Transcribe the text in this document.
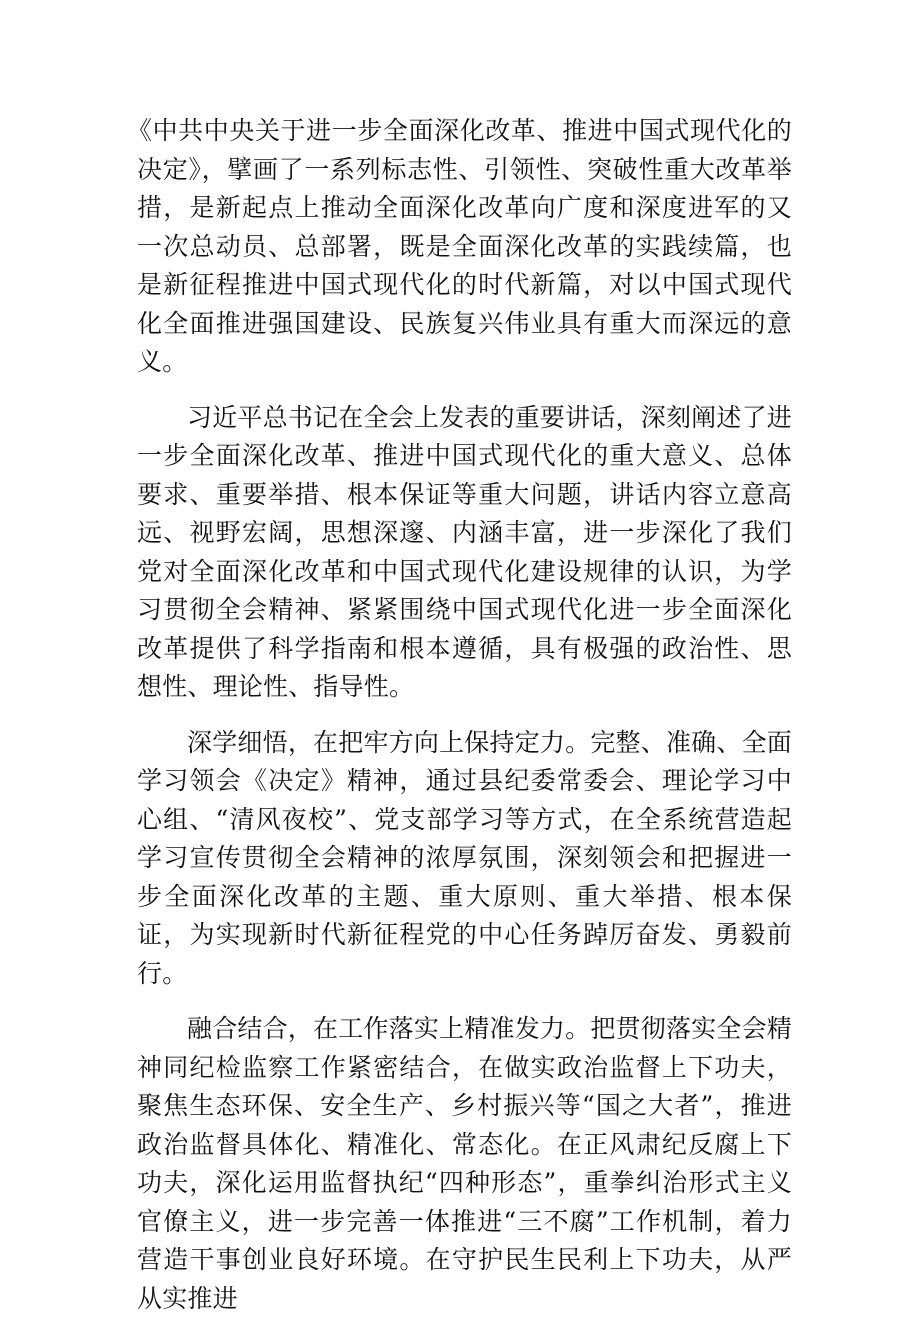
《中共中央关于进一步全面深化改革、推进中国式现代化的决定》，擘画了一系列标志性、引领性、突破性重大改革举措，是新起点上推动全面深化改革向广度和深度进军的又一次总动员、总部署，既是全面深化改革的实践续篇，也是新征程推进中国式现代化的时代新篇，对以中国式现代化全面推进强国建设、民族复兴伟业具有重大而深远的意义。

习近平总书记在全会上发表的重要讲话，深刻阐述了进一步全面深化改革、推进中国式现代化的重大意义、总体要求、重要举措、根本保证等重大问题，讲话内容立意高远、视野宏阔，思想深邃、内涵丰富，进一步深化了我们党对全面深化改革和中国式现代化建设规律的认识，为学习贯彻全会精神、紧紧围绕中国式现代化进一步全面深化改革提供了科学指南和根本遵循，具有极强的政治性、思想性、理论性、指导性。

深学细悟，在把牢方向上保持定力。完整、准确、全面学习领会《决定》精神，通过县纪委常委会、理论学习中心组、“清风夜校”、党支部学习等方式，在全系统营造起学习宣传贯彻全会精神的浓厚氛围，深刻领会和把握进一步全面深化改革的主题、重大原则、重大举措、根本保证，为实现新时代新征程党的中心任务踔厉奋发、勇毅前行。

融合结合，在工作落实上精准发力。把贯彻落实全会精神同纪检监察工作紧密结合，在做实政治监督上下功夫，聚焦生态环保、安全生产、乡村振兴等“国之大者”，推进政治监督具体化、精准化、常态化。在正风肃纪反腐上下功夫，深化运用监督执纪“四种形态”，重拳纠治形式主义官僚主义，进一步完善一体推进“三不腐”工作机制，着力营造干事创业良好环境。在守护民生民利上下功夫，从严从实推进
